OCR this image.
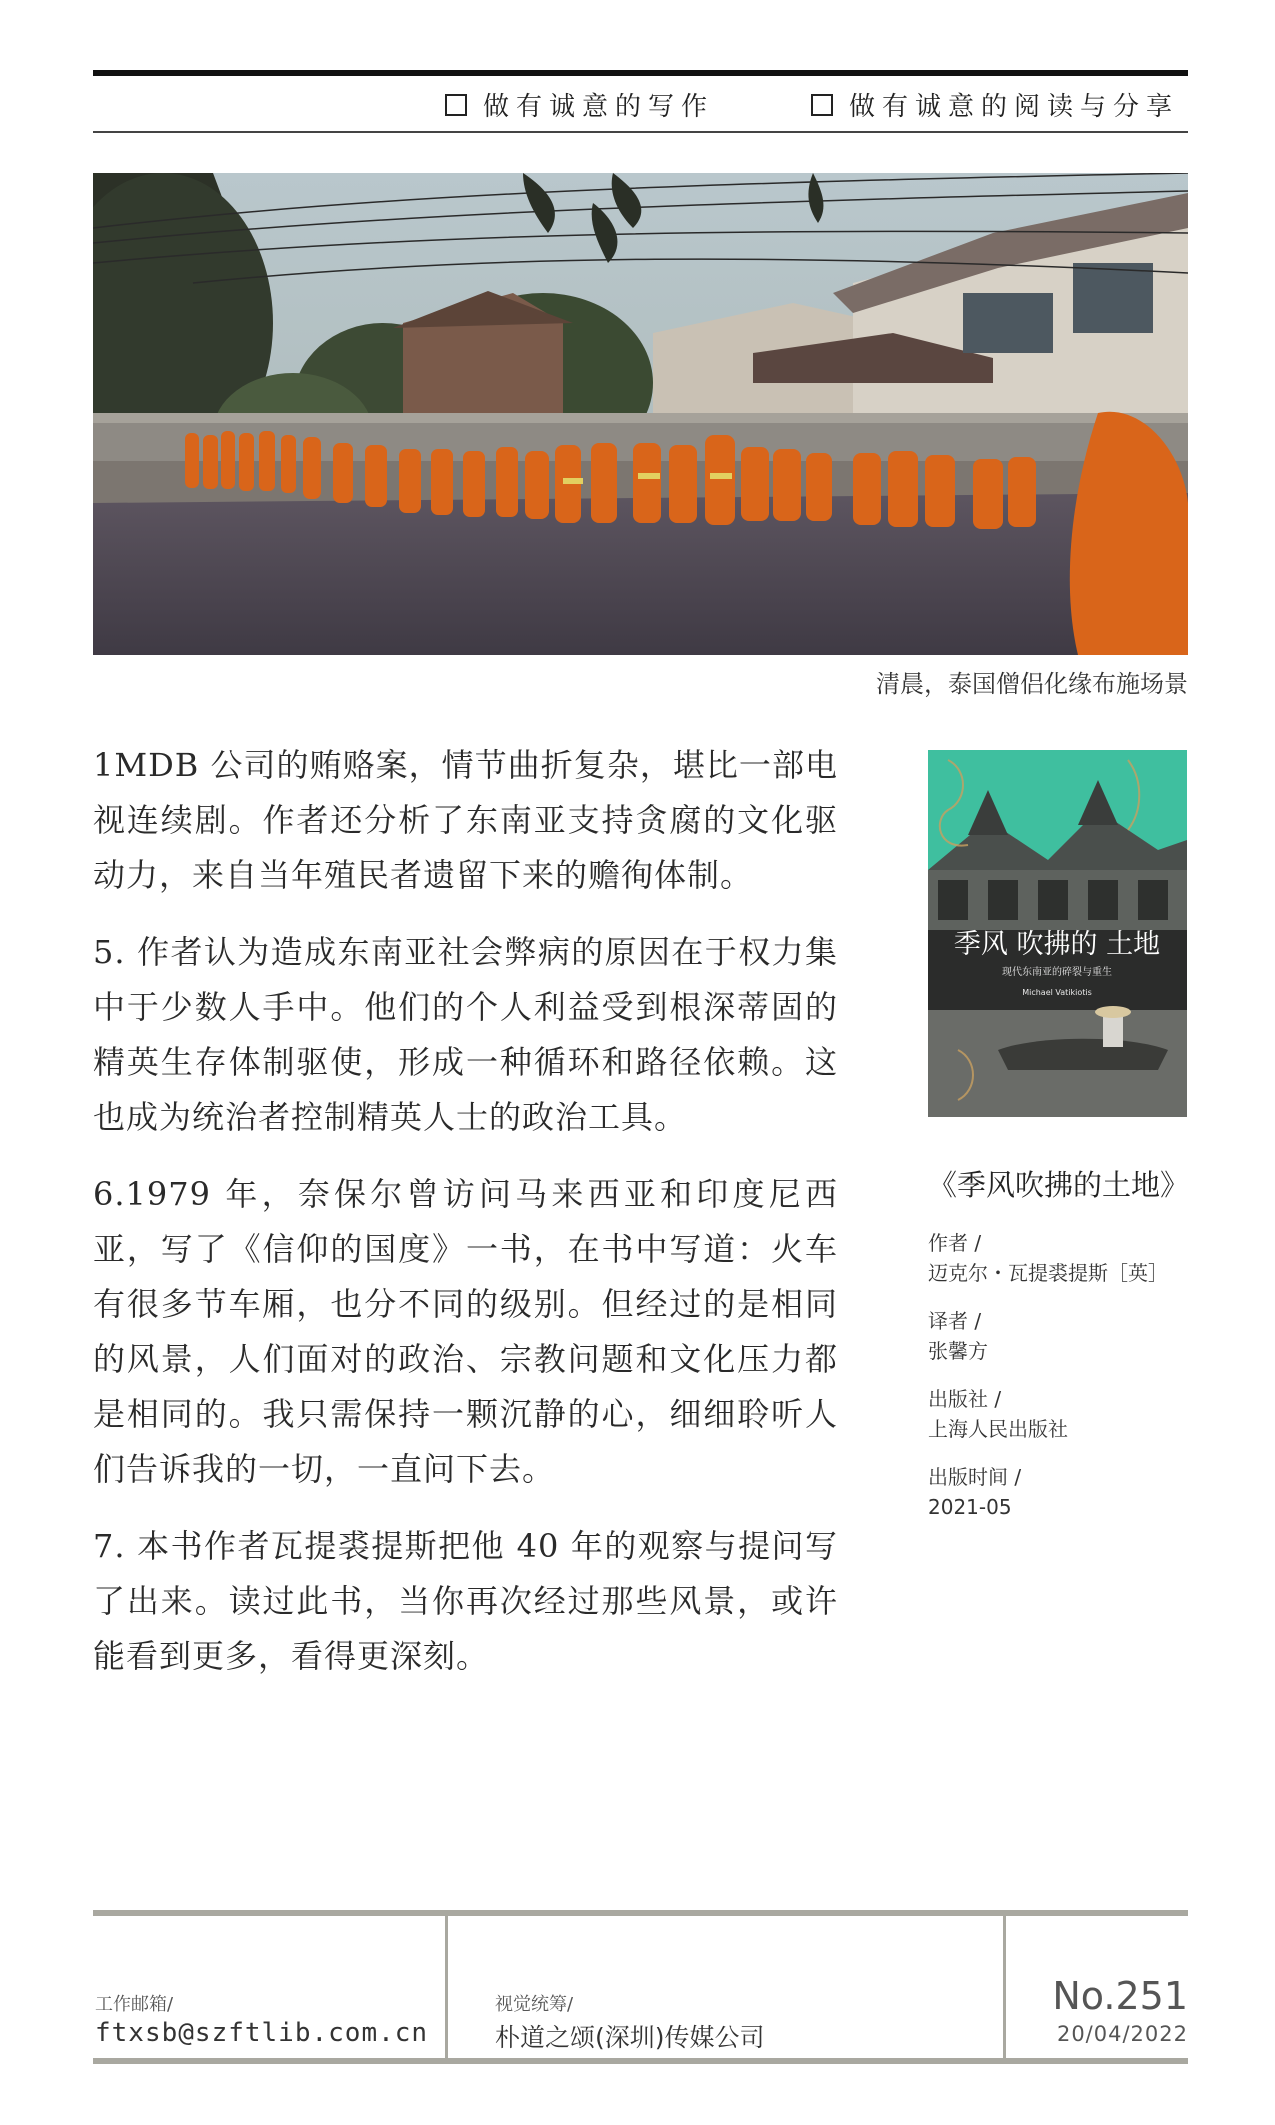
做有诚意的写作	做有诚意的阅读与分享
清晨，泰国僧侣化缘布施场景

1MDB 公司的贿赂案，情节曲折复杂，堪比一部电视连续剧。作者还分析了东南亚支持贪腐的文化驱动力，来自当年殖民者遗留下来的赡徇体制。

5. 作者认为造成东南亚社会弊病的原因在于权力集中于少数人手中。他们的个人利益受到根深蒂固的精英生存体制驱使，形成一种循环和路径依赖。这也成为统治者控制精英人士的政治工具。

6.1979 年，奈保尔曾访问马来西亚和印度尼西亚，写了《信仰的国度》一书，在书中写道：火车有很多节车厢，也分不同的级别。但经过的是相同的风景，人们面对的政治、宗教问题和文化压力都是相同的。我只需保持一颗沉静的心，细细聆听人们告诉我的一切，一直问下去。

7. 本书作者瓦提裘提斯把他 40 年的观察与提问写了出来。读过此书，当你再次经过那些风景，或许能看到更多，看得更深刻。

季风 吹拂的 土地
现代东南亚的碎裂与重生
Michael Vatikiotis
《季风吹拂的土地》
作者 /
迈克尔・瓦提裘提斯［英］
译者 /
张馨方
出版社 /
上海人民出版社
出版时间 /
2021-05
工作邮箱/
ftxsb@szftlib.com.cn
视觉统筹/
朴道之颂(深圳)传媒公司
No.251
20/04/2022
